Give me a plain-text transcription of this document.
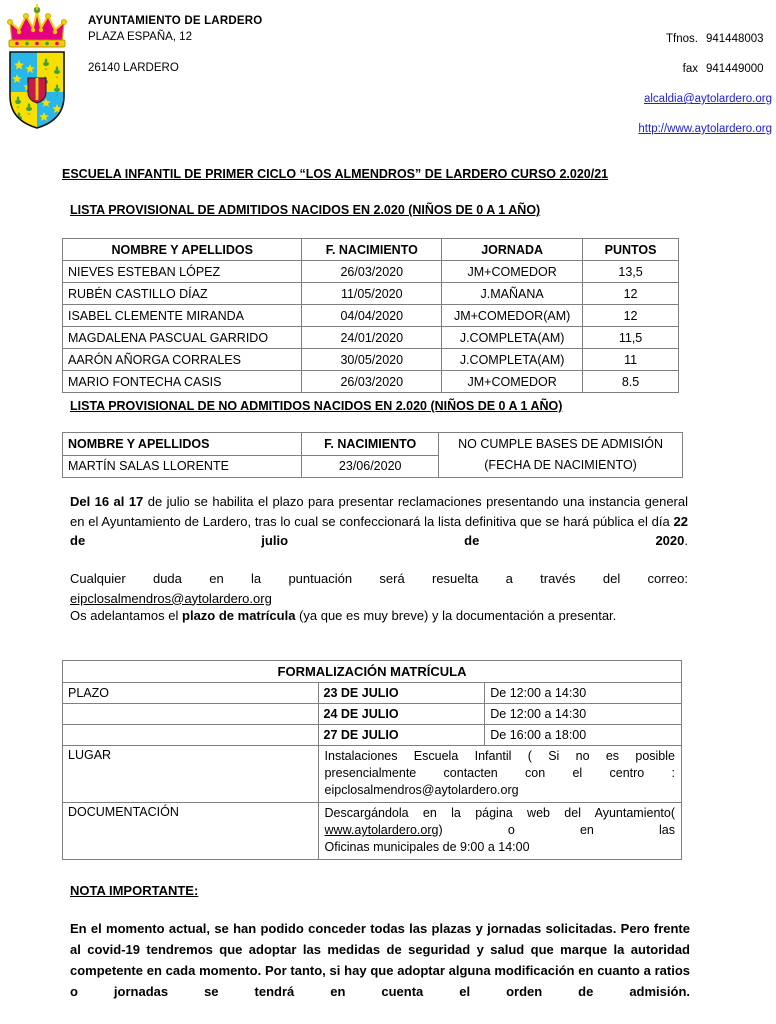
AYUNTAMIENTO DE LARDERO
PLAZA ESPAÑA, 12
26140 LARDERO
Tfnos. 941448003
fax 941449000
alcaldia@aytolardero.org
http://www.aytolardero.org
ESCUELA INFANTIL DE PRIMER CICLO “LOS ALMENDROS” DE LARDERO CURSO 2.020/21
LISTA PROVISIONAL DE ADMITIDOS NACIDOS EN 2.020 (NIÑOS DE 0 A 1 AÑO)
NOMBRE Y APELLIDOS	F. NACIMIENTO	JORNADA	PUNTOS
NIEVES ESTEBAN LÓPEZ	26/03/2020	JM+COMEDOR	13,5
RUBÉN CASTILLO DÍAZ	11/05/2020	J.MAÑANA	12
ISABEL CLEMENTE MIRANDA	04/04/2020	JM+COMEDOR(AM)	12
MAGDALENA PASCUAL GARRIDO	24/01/2020	J.COMPLETA(AM)	11,5
AARÓN AÑORGA CORRALES	30/05/2020	J.COMPLETA(AM)	11
MARIO FONTECHA CASIS	26/03/2020	JM+COMEDOR	8.5
LISTA PROVISIONAL DE NO ADMITIDOS NACIDOS EN 2.020 (NIÑOS DE 0 A 1 AÑO)
NOMBRE Y APELLIDOS	F. NACIMIENTO	NO CUMPLE BASES DE ADMISIÓN
(FECHA DE NACIMIENTO)

MARTÍN SALAS LLORENTE	23/06/2020	
Del 16 al 17 de julio se habilita el plazo para presentar reclamaciones presentando una instancia general en el Ayuntamiento de Lardero, tras lo cual se confeccionará la lista definitiva que se hará pública el día 22 de julio de 2020.
Cualquier duda en la puntuación será resuelta a través del correo:
eipclosalmendros@aytolardero.org
Os adelantamos el plazo de matrícula (ya que es muy breve) y la documentación a presentar.
FORMALIZACIÓN MATRÍCULA		
PLAZO	23 DE JULIO	De 12:00 a 14:30
	24 DE JULIO	De 12:00 a 14:30
	27 DE JULIO	De 16:00 a 18:00
LUGAR	Instalaciones Escuela Infantil ( Si no es posible presencialmente contacten con el centro :
eipclosalmendros@aytolardero.org	

DOCUMENTACIÓN	Descargándola en la página web del Ayuntamiento( www.aytolardero.org) o en las
Oficinas municipales de 9:00 a 14:00	
NOTA IMPORTANTE:
En el momento actual, se han podido conceder todas las plazas y jornadas solicitadas. Pero frente al covid-19 tendremos que adoptar las medidas de seguridad y salud que marque la autoridad competente en cada momento. Por tanto, si hay que adoptar alguna modificación en cuanto a ratios o jornadas se tendrá en cuenta el orden de admisión.
